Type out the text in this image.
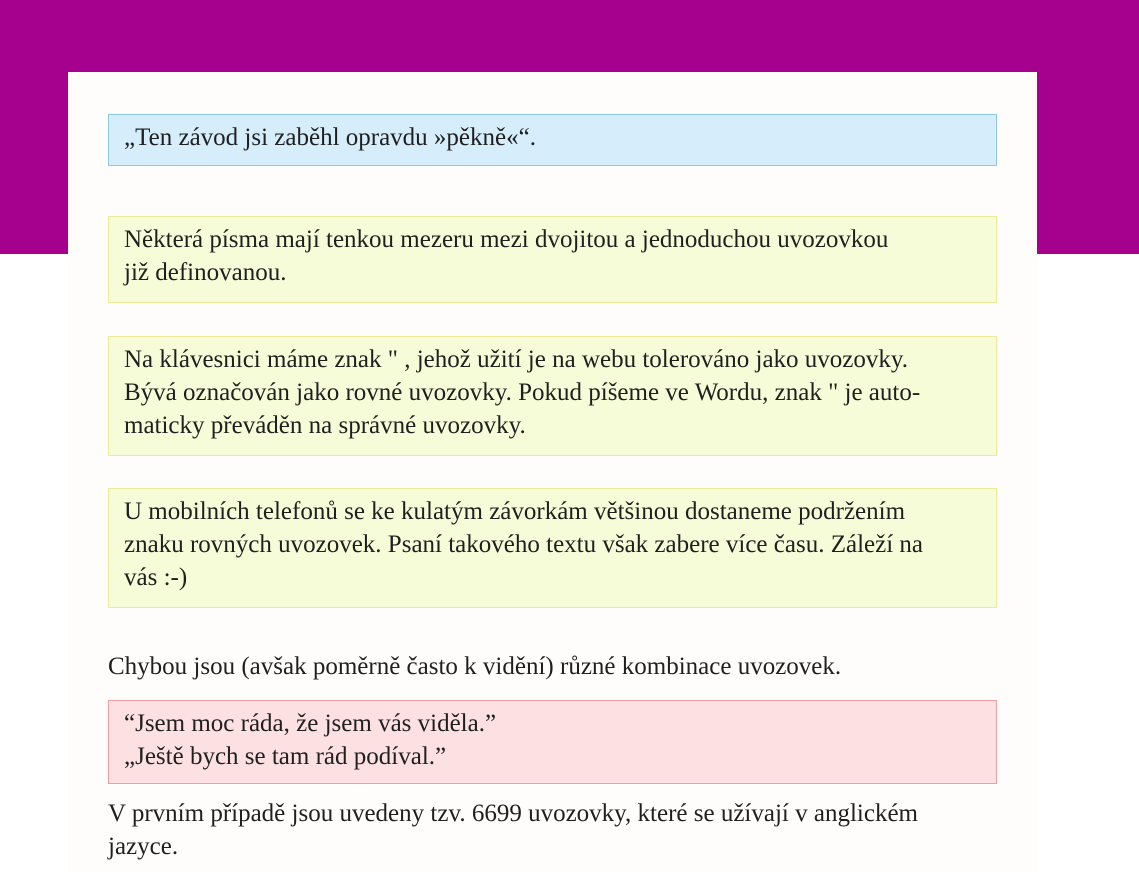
„Ten závod jsi zaběhl opravdu »pěkně«“.
Některá písma mají tenkou mezeru mezi dvojitou a jednoduchou uvozovkou
již definovanou.
Na klávesnici máme znak " , jehož užití je na webu tolerováno jako uvozovky.
Bývá označován jako rovné uvozovky. Pokud píšeme ve Wordu, znak " je auto-
maticky převáděn na správné uvozovky.
U mobilních telefonů se ke kulatým závorkám většinou dostaneme podržením
znaku rovných uvozovek. Psaní takového textu však zabere více času. Záleží na
vás :-)
Chybou jsou (avšak poměrně často k vidění) různé kombinace uvozovek.
“Jsem moc ráda, že jsem vás viděla.”
„Ještě bych se tam rád podíval.”
V prvním případě jsou uvedeny tzv. 6699 uvozovky, které se užívají v anglickém
jazyce.
